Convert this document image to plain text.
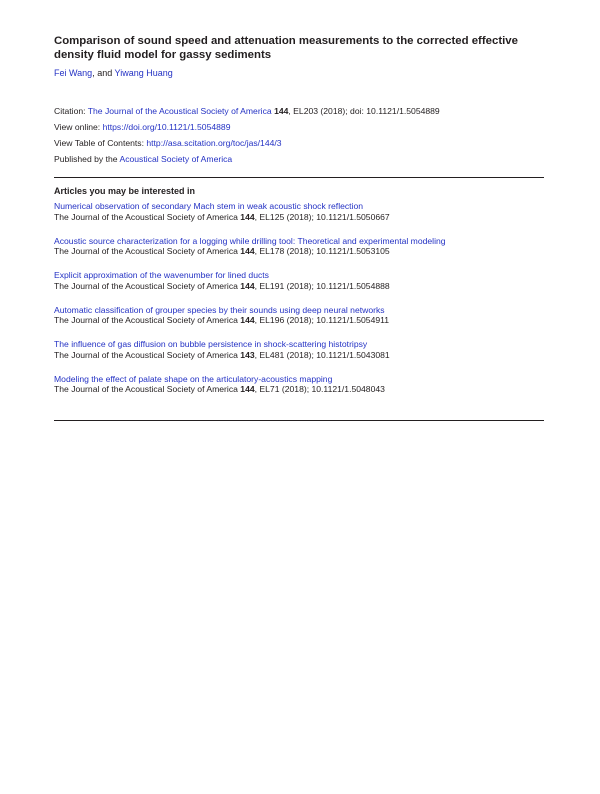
Comparison of sound speed and attenuation measurements to the corrected effective density fluid model for gassy sediments
Fei Wang, and Yiwang Huang
Citation: The Journal of the Acoustical Society of America 144, EL203 (2018); doi: 10.1121/1.5054889
View online: https://doi.org/10.1121/1.5054889
View Table of Contents: http://asa.scitation.org/toc/jas/144/3
Published by the Acoustical Society of America
Articles you may be interested in
Numerical observation of secondary Mach stem in weak acoustic shock reflection
The Journal of the Acoustical Society of America 144, EL125 (2018); 10.1121/1.5050667
Acoustic source characterization for a logging while drilling tool: Theoretical and experimental modeling
The Journal of the Acoustical Society of America 144, EL178 (2018); 10.1121/1.5053105
Explicit approximation of the wavenumber for lined ducts
The Journal of the Acoustical Society of America 144, EL191 (2018); 10.1121/1.5054888
Automatic classification of grouper species by their sounds using deep neural networks
The Journal of the Acoustical Society of America 144, EL196 (2018); 10.1121/1.5054911
The influence of gas diffusion on bubble persistence in shock-scattering histotripsy
The Journal of the Acoustical Society of America 143, EL481 (2018); 10.1121/1.5043081
Modeling the effect of palate shape on the articulatory-acoustics mapping
The Journal of the Acoustical Society of America 144, EL71 (2018); 10.1121/1.5048043
